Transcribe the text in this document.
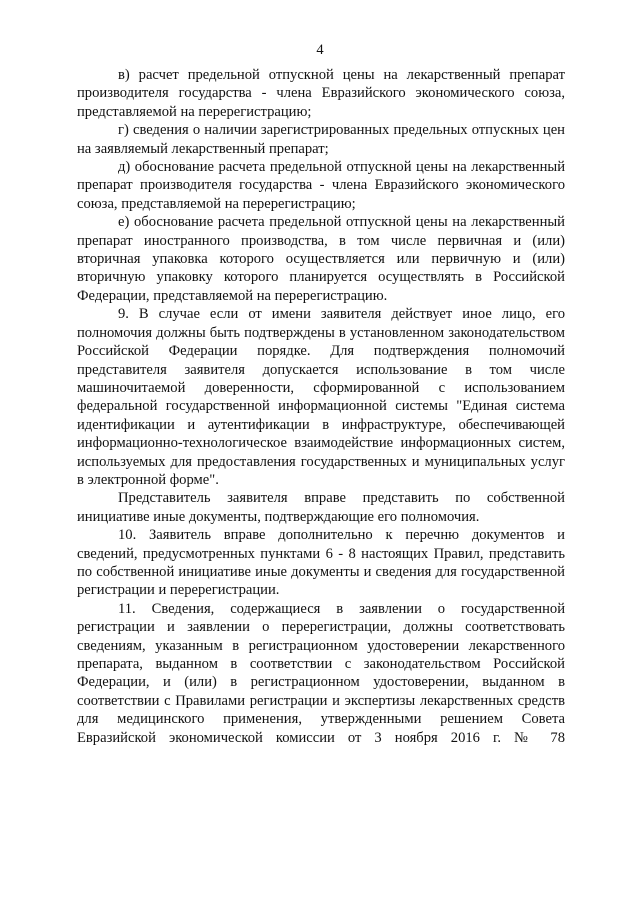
4

в) расчет предельной отпускной цены на лекарственный препарат производителя государства - члена Евразийского экономического союза, представляемой на перерегистрацию;

г) сведения о наличии зарегистрированных предельных отпускных цен на заявляемый лекарственный препарат;

д) обоснование расчета предельной отпускной цены на лекарственный препарат производителя государства - члена Евразийского экономического союза, представляемой на перерегистрацию;

е) обоснование расчета предельной отпускной цены на лекарственный препарат иностранного производства, в том числе первичная и (или) вторичная упаковка которого осуществляется или первичную и (или) вторичную упаковку которого планируется осуществлять в Российской Федерации, представляемой на перерегистрацию.

9. В случае если от имени заявителя действует иное лицо, его полномочия должны быть подтверждены в установленном законодательством Российской Федерации порядке. Для подтверждения полномочий представителя заявителя допускается использование в том числе машиночитаемой доверенности, сформированной с использованием федеральной государственной информационной системы "Единая система идентификации и аутентификации в инфраструктуре, обеспечивающей информационно-технологическое взаимодействие информационных систем, используемых для предоставления государственных и муниципальных услуг в электронной форме".

Представитель заявителя вправе представить по собственной инициативе иные документы, подтверждающие его полномочия.

10. Заявитель вправе дополнительно к перечню документов и сведений, предусмотренных пунктами 6 - 8 настоящих Правил, представить по собственной инициативе иные документы и сведения для государственной регистрации и перерегистрации.

11. Сведения, содержащиеся в заявлении о государственной регистрации и заявлении о перерегистрации, должны соответствовать сведениям, указанным в регистрационном удостоверении лекарственного препарата, выданном в соответствии с законодательством Российской Федерации, и (или) в регистрационном удостоверении, выданном в соответствии с Правилами регистрации и экспертизы лекарственных средств для медицинского применения, утвержденными решением Совета Евразийской экономической комиссии от 3 ноября 2016 г. № 78
